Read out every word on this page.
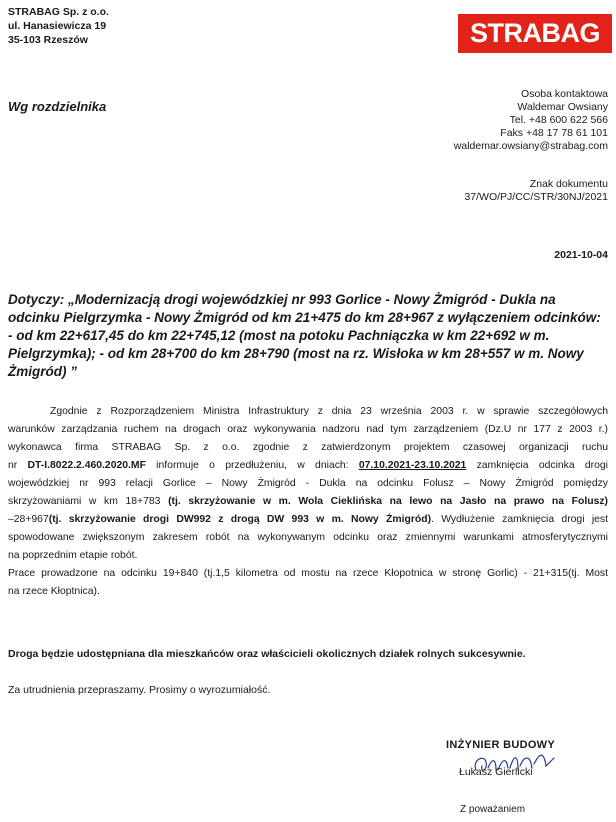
STRABAG Sp. z o.o.
ul. Hanasiewicza 19
35-103 Rzeszów	STRABAG
Wg rozdzielnika
Osoba kontaktowa
Waldemar Owsiany
Tel. +48 600 622 566
Faks +48 17 78 61 101
waldemar.owsiany@strabag.com
Znak dokumentu
37/WO/PJ/CC/STR/30NJ/2021
2021-10-04
Dotyczy: „Modernizacją drogi wojewódzkiej nr 993 Gorlice - Nowy Żmigród - Dukla na odcinku Pielgrzymka - Nowy Żmigród od km 21+475 do km 28+967 z wyłączeniem odcinków: - od km 22+617,45 do km 22+745,12 (most na potoku Pachniączka w km 22+692 w m. Pielgrzymka); - od km 28+700 do km 28+790 (most na rz. Wisłoka w km 28+557 w m. Nowy Żmigród) ”

Zgodnie z Rozporządzeniem Ministra Infrastruktury z dnia 23 września 2003 r. w sprawie szczegółowych

warunków zarządzania ruchem na drogach oraz wykonywania nadzoru nad tym zarządzeniem (Dz.U nr 177 z 2003 r.)

wykonawca firma STRABAG Sp. z o.o. zgodnie z zatwierdzonym projektem czasowej organizacji ruchu

nr DT-I.8022.2.460.2020.MF informuje o przedłużeniu, w dniach: 07.10.2021-23.10.2021 zamknięcia odcinka drogi

wojewódzkiej nr 993 relacji Gorlice – Nowy Żmigród - Dukla na odcinku Folusz – Nowy Żmigród pomiędzy

skrzyżowaniami w km 18+783 (tj. skrzyżowanie w m. Wola Cieklińska na lewo na Jasło na prawo na Folusz)

–28+967(tj. skrzyżowanie drogi DW992 z drogą DW 993 w m. Nowy Żmigród). Wydłużenie zamknięcia drogi jest

spowodowane zwiększonym zakresem robót na wykonywanym odcinku oraz zmiennymi warunkami atmosferytycznymi

na poprzednim etapie robót.

Prace prowadzone na odcinku 19+840 (tj.1,5 kilometra od mostu na rzece Kłopotnica w stronę Gorlic) - 21+315(tj. Most

na rzece Kłoptnica).

Droga będzie udostępniana dla mieszkańców oraz właścicieli okolicznych działek rolnych sukcesywnie.
Za utrudnienia przepraszamy. Prosimy o wyrozumiałość.
INŻYNIER BUDOWY
Łukasz Gierlicki
Z poważaniem
